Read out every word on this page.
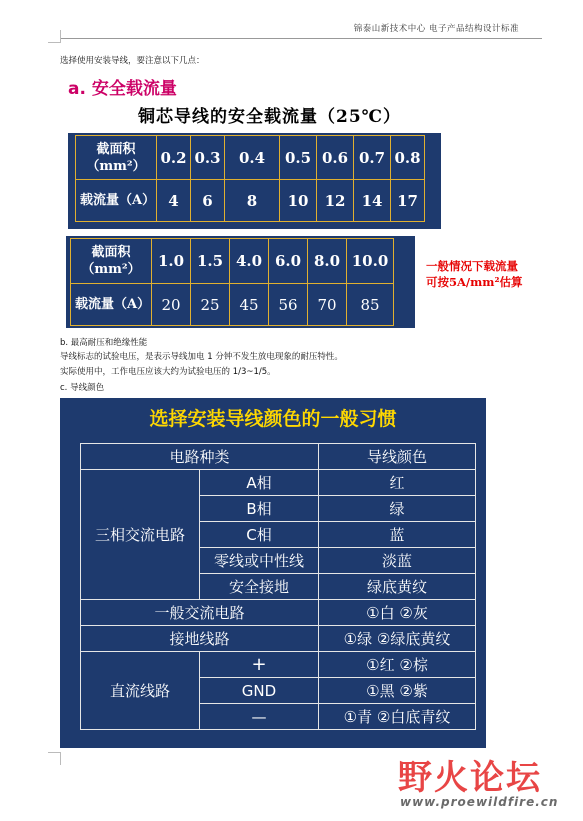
锦泰山新技术中心 电子产品结构设计标准
选择使用安装导线，要注意以下几点：
a. 安全载流量
铜芯导线的安全载流量（25℃）
截面积（mm²）	0.2	0.3	0.4	0.5	0.6	0.7	0.8
载流量（A）	4	6	8	10	12	14	17
截面积（mm²）	1.0	1.5	4.0	6.0	8.0	10.0
载流量（A）	20	25	45	56	70	85
一般情况下载流量可按5A/mm²估算
b. 最高耐压和绝缘性能
导线标志的试验电压，是表示导线加电 1 分钟不发生放电现象的耐压特性。
实际使用中，工作电压应该大约为试验电压的 1/3~1/5。
c. 导线颜色
选择安装导线颜色的一般习惯
电路种类		导线颜色
三相交流电路	A相	红
	B相	绿
	C相	蓝
	零线或中性线	淡蓝
	安全接地	绿底黄纹
一般交流电路		①白 ②灰
接地线路		①绿 ②绿底黄纹
直流线路	+	①红 ②棕
	GND	①黑 ②紫
	—	①青 ②白底青纹
野火论坛
www.proewildfire.cn
